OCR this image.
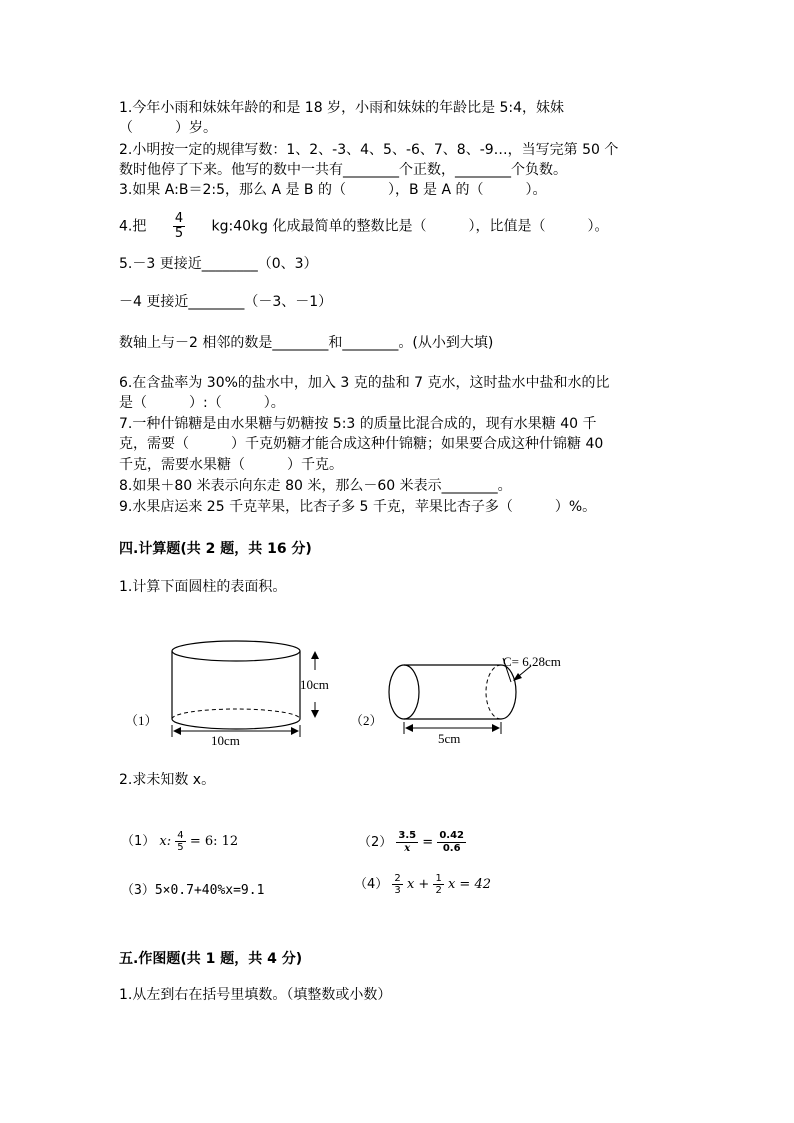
1.今年小雨和妹妹年龄的和是 18 岁，小雨和妹妹的年龄比是 5:4，妹妹
（　　　）岁。
2.小明按一定的规律写数：1、2、-3、4、5、-6、7、8、-9…，当写完第 50 个
数时他停了下来。他写的数中一共有________个正数，________个负数。
3.如果 A:B＝2:5，那么 A 是 B 的（　　　），B 是 A 的（　　　）。
4.把 $\frac{4}{5}$ kg:40kg 化成最简单的整数比是（　　　），比值是（　　　）。
5.－3 更接近________（0、3）
－4 更接近________（－3、－1）
数轴上与－2 相邻的数是________和________。(从小到大填)
6.在含盐率为 30%的盐水中，加入 3 克的盐和 7 克水，这时盐水中盐和水的比
是（　　　）:（　　　）。
7.一种什锦糖是由水果糖与奶糖按 5:3 的质量比混合成的，现有水果糖 40 千
克，需要（　　　）千克奶糖才能合成这种什锦糖；如果要合成这种什锦糖 40
千克，需要水果糖（　　　）千克。
8.如果＋80 米表示向东走 80 米，那么－60 米表示________。
9.水果店运来 25 千克苹果，比杏子多 5 千克，苹果比杏子多（　　　）%。
四.计算题(共 2 题，共 16 分)
1.计算下面圆柱的表面积。
（1）
10cm
10cm
（2）
C= 6.28cm
5cm
2.求未知数 x。
（1） x: $\frac{4}{5} = 6$: 12	$(2) \frac{3.5}{x} = \frac{0.42}{0.6}$
（3）5×0.7+40%x=9.1	$(4) \frac{2}{3}$ $x + \frac{1}{2}$ x = 42
五.作图题(共 1 题，共 4 分)
1.从左到右在括号里填数。（填整数或小数）
